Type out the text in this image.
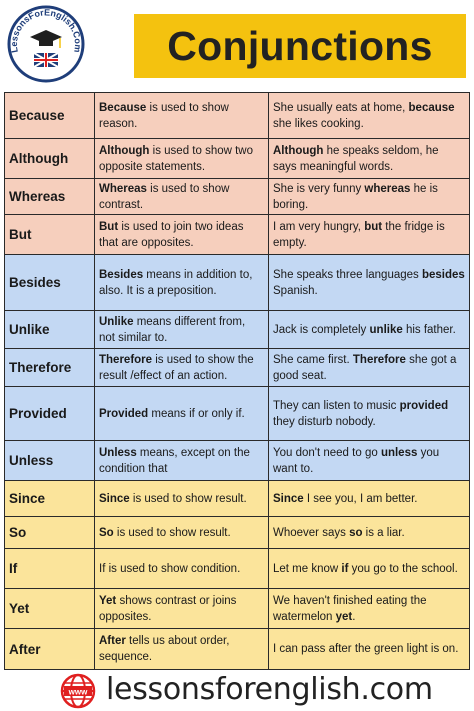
LessonsForEnglish.Com Conjunctions
Because	Because is used to show reason.	She usually eats at home, because she likes cooking.
Although	Although is used to show two opposite statements.	Although he speaks seldom, he says meaningful words.
Whereas	Whereas is used to show contrast.	She is very funny whereas he is boring.
But	But is used to join two ideas that are opposites.	I am very hungry, but the fridge is empty.
Besides	Besides means in addition to, also. It is a preposition.	She speaks three languages besides Spanish.
Unlike	Unlike means different from, not similar to.	Jack is completely unlike his father.
Therefore	Therefore is used to show the result /effect of an action.	She came first. Therefore she got a good seat.
Provided	Provided means if or only if.	They can listen to music provided they disturb nobody.
Unless	Unless means, except on the condition that	You don't need to go unless you want to.
Since	Since is used to show result.	Since I see you, I am better.
So	So is used to show result.	Whoever says so is a liar.
If	If is used to show condition.	Let me know if you go to the school.
Yet	Yet shows contrast or joins opposites.	We haven't finished eating the watermelon yet.
After	After tells us about order, sequence.	I can pass after the green light is on.
www lessonsforenglish.com
